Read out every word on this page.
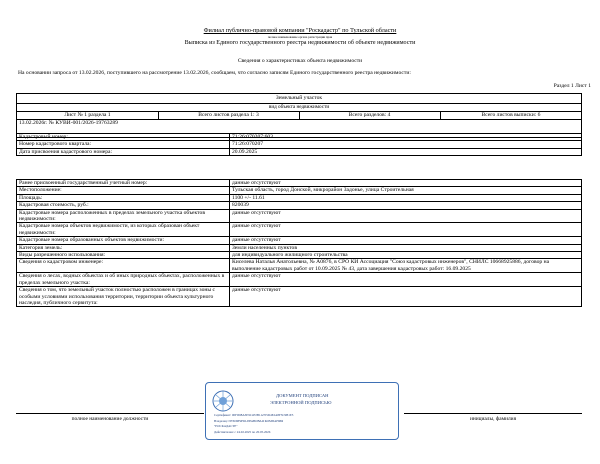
Филиал публично-правовой компании "Роскадастр" по Тульской области
полное наименование органа регистрации прав
Выписка из Единого государственного реестра недвижимости об объекте недвижимости
Сведения о характеристиках объекта недвижимости
На основании запроса от 13.02.2026, поступившего на рассмотрение 13.02.2026, сообщаем, что согласно записям Единого государственного реестра недвижимости:
Раздел 1 Лист 1
Земельный участок
вид объекта недвижимости
Лист № 1 раздела 1	Всего листов раздела 1: 3	Всего разделов: 4	Всего листов выписки: 6
13.02.2026г. № КУВИ-001/2026-19763289
Кадастровый номер:	71:26:070207:603
Номер кадастрового квартала:	71:26:070207
Дата присвоения кадастрового номера:	20.09.2025
Ранее присвоенный государственный учетный номер:	данные отсутствуют
Местоположение:	Тульская область, город Донской, микрорайон Задонье, улица Строительная
Площадь:	1100 +/- 11.61
Кадастровая стоимость, руб.:	820039
Кадастровые номера расположенных в пределах земельного участка объектов недвижимости:	данные отсутствуют
Кадастровые номера объектов недвижимости, из которых образован объект недвижимости:	данные отсутствуют
Кадастровые номера образованных объектов недвижимости:	данные отсутствуют
Категория земель:	Земли населенных пунктов
Виды разрешенного использования:	для индивидуального жилищного строительства
Сведения о кадастровом инженере:	Киселева Наталья Анатольевна, № А0876, в СРО КИ Ассоциация "Союз кадастровых инженеров", СНИЛС 10668925886, договор на выполнение кадастровых работ от 10.09.2025 № 43, дата завершения кадастровых работ: 16.09.2025
Сведения о лесах, водных объектах и об иных природных объектах, расположенных в пределах земельного участка:	данные отсутствуют
Сведения о том, что земельный участок полностью расположен в границах зоны с особыми условиями использования территории, территории объекта культурного наследия, публичного сервитута:	данные отсутствуют
полное наименование должности	инициалы, фамилия
ДОКУМЕНТ ПОДПИСАН
ЭЛЕКТРОННОЙ ПОДПИСЬЮ
Сертификат: 00F0D8A3E9C4F2B1A705D4E2A8F3C9B1E5
Владелец: ПУБЛИЧНО-ПРАВОВАЯ КОМПАНИЯ
"РОСКАДАСТР"
Действителен: с 24.02.2025 по 20.05.2026
